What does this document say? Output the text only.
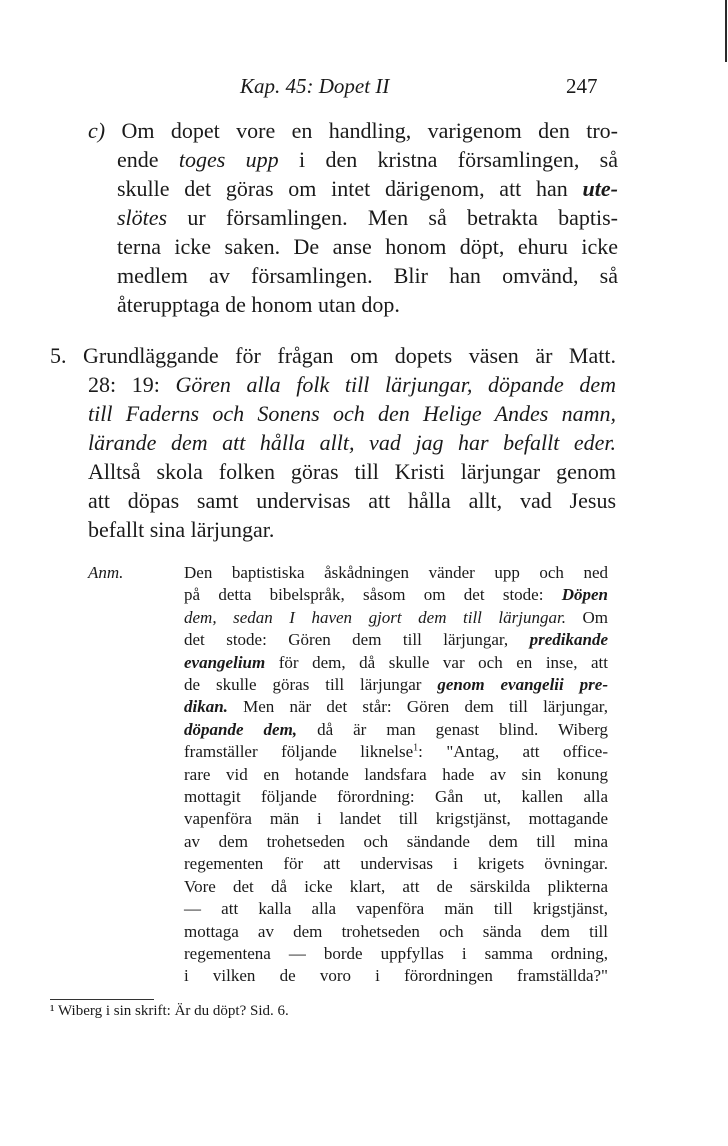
Kap. 45: Dopet II	247
c) Om dopet vore en handling, varigenom den tro-
ende toges upp i den kristna församlingen, så
skulle det göras om intet därigenom, att han ute-
slötes ur församlingen. Men så betrakta baptis-
terna icke saken. De anse honom döpt, ehuru icke
medlem av församlingen. Blir han omvänd, så
återupptaga de honom utan dop.
5. Grundläggande för frågan om dopets väsen är Matt.
28: 19: Gören alla folk till lärjungar, döpande dem
till Faderns och Sonens och den Helige Andes namn,
lärande dem att hålla allt, vad jag har befallt eder.
Alltså skola folken göras till Kristi lärjungar genom
att döpas samt undervisas att hålla allt, vad Jesus
befallt sina lärjungar.
Anm.	Den baptistiska åskådningen vänder upp och ned
på detta bibelspråk, såsom om det stode: Döpen
dem, sedan I haven gjort dem till lärjungar. Om
det stode: Gören dem till lärjungar, predikande
evangelium för dem, då skulle var och en inse, att
de skulle göras till lärjungar genom evangelii pre-
dikan. Men när det står: Gören dem till lärjungar,
döpande dem, då är man genast blind. Wiberg
framställer följande liknelse$^1$: "Antag, att office-
rare vid en hotande landsfara hade av sin konung
mottagit följande förordning: Gån ut, kallen alla
vapenföra män i landet till krigstjänst, mottagande
av dem trohetseden och sändande dem till mina
regementen för att undervisas i krigets övningar.
Vore det då icke klart, att de särskilda plikterna
— att kalla alla vapenföra män till krigstjänst,
mottaga av dem trohetseden och sända dem till
regementena — borde uppfyllas i samma ordning,
i vilken de voro i förordningen framställda?"
¹ Wiberg i sin skrift: Är du döpt? Sid. 6.
